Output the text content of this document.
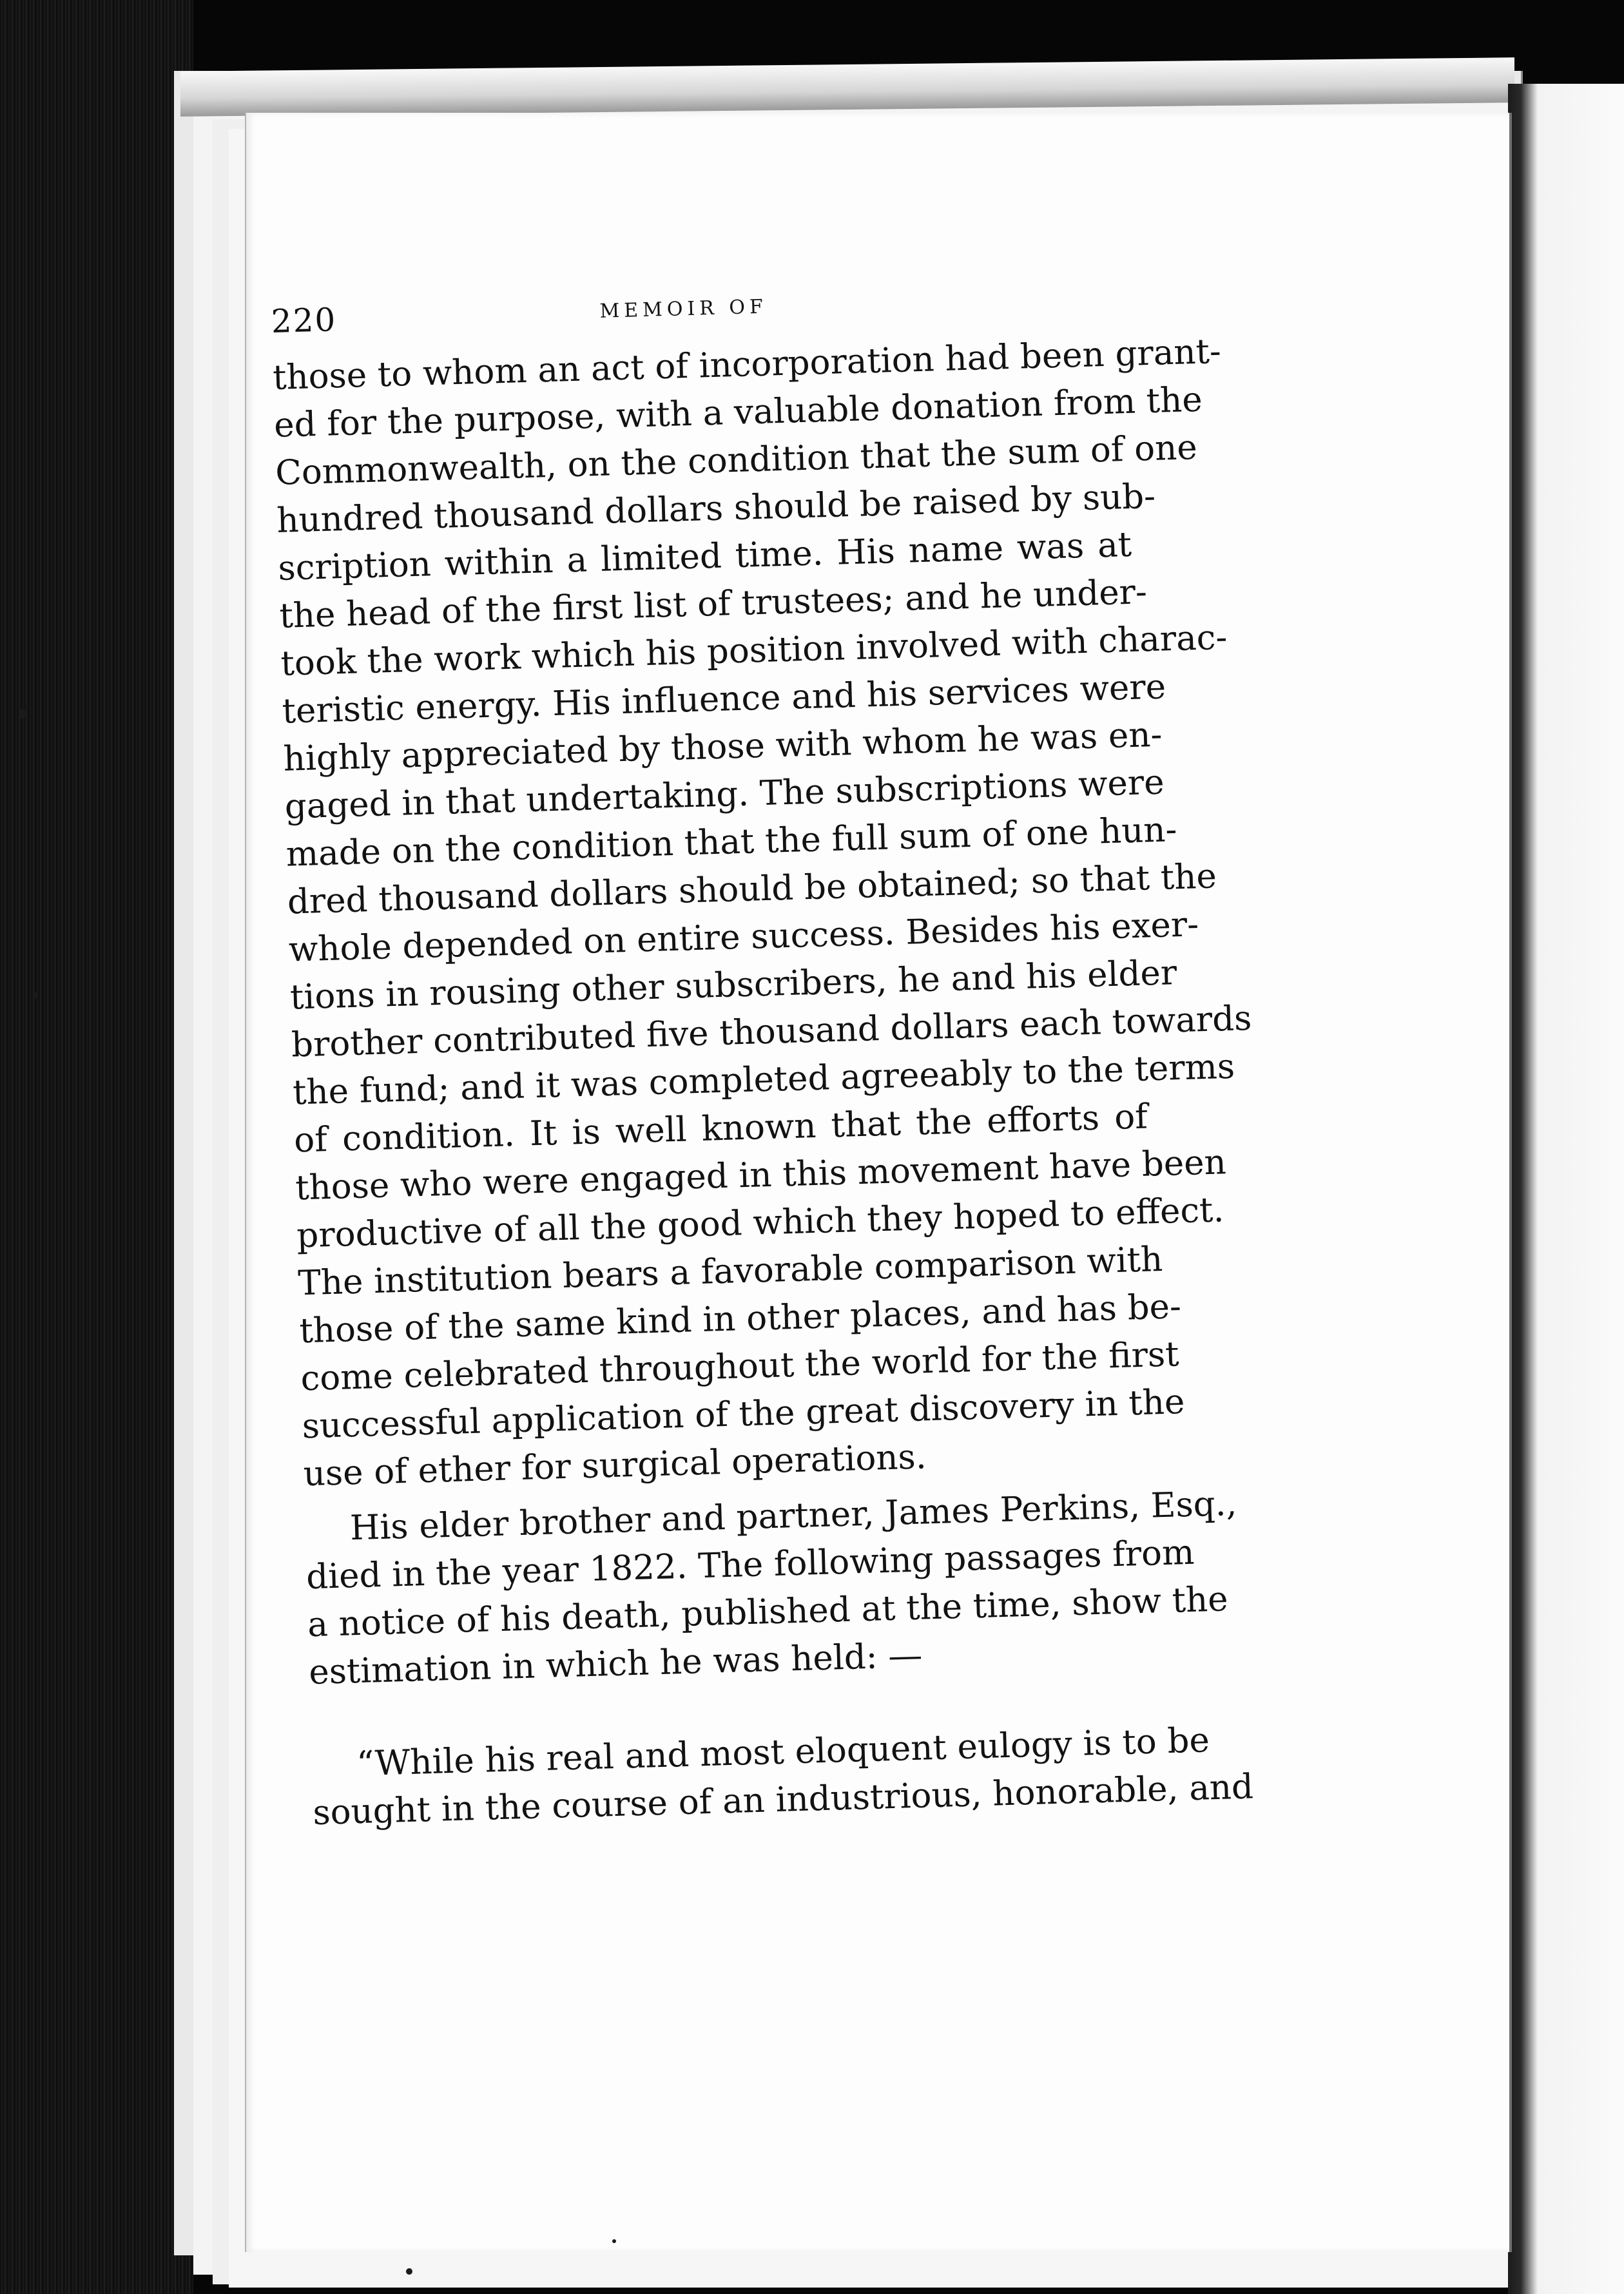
220	MEMOIR OF
those to whom an act of incorporation had been grant-
ed for the purpose, with a valuable donation from the
Commonwealth, on the condition that the sum of one
hundred thousand dollars should be raised by sub-
scription within a limited time. His name was at
the head of the first list of trustees; and he under-
took the work which his position involved with charac-
teristic energy. His influence and his services were
highly appreciated by those with whom he was en-
gaged in that undertaking. The subscriptions were
made on the condition that the full sum of one hun-
dred thousand dollars should be obtained; so that the
whole depended on entire success. Besides his exer-
tions in rousing other subscribers, he and his elder
brother contributed five thousand dollars each towards
the fund; and it was completed agreeably to the terms
of condition. It is well known that the efforts of
those who were engaged in this movement have been
productive of all the good which they hoped to effect.
The institution bears a favorable comparison with
those of the same kind in other places, and has be-
come celebrated throughout the world for the first
successful application of the great discovery in the
use of ether for surgical operations.
His elder brother and partner, James Perkins, Esq.,
died in the year 1822. The following passages from
a notice of his death, published at the time, show the
estimation in which he was held: —
“While his real and most eloquent eulogy is to be
sought in the course of an industrious, honorable, and
